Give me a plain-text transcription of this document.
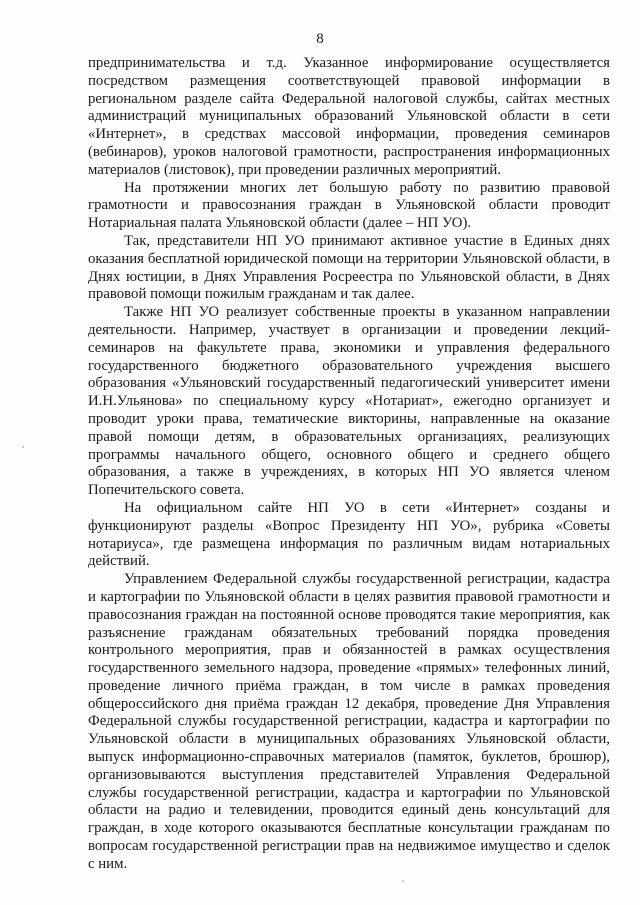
8

предпринимательства и т.д. Указанное информирование осуществляется посредством размещения соответствующей правовой информации в региональном разделе сайта Федеральной налоговой службы, сайтах местных администраций муниципальных образований Ульяновской области в сети «Интернет», в средствах массовой информации, проведения семинаров (вебинаров), уроков налоговой грамотности, распространения информационных материалов (листовок), при проведении различных мероприятий.

На протяжении многих лет большую работу по развитию правовой грамотности и правосознания граждан в Ульяновской области проводит Нотариальная палата Ульяновской области (далее – НП УО).

Так, представители НП УО принимают активное участие в Единых днях оказания бесплатной юридической помощи на территории Ульяновской области, в Днях юстиции, в Днях Управления Росреестра по Ульяновской области, в Днях правовой помощи пожилым гражданам и так далее.

Также НП УО реализует собственные проекты в указанном направлении деятельности. Например, участвует в организации и проведении лекций-семинаров на факультете права, экономики и управления федерального государственного бюджетного образовательного учреждения высшего образования «Ульяновский государственный педагогический университет имени И.Н.Ульянова» по специальному курсу «Нотариат», ежегодно организует и проводит уроки права, тематические викторины, направленные на оказание правой помощи детям, в образовательных организациях, реализующих программы начального общего, основного общего и среднего общего образования, а также в учреждениях, в которых НП УО является членом Попечительского совета.

На официальном сайте НП УО в сети «Интернет» созданы и функционируют разделы «Вопрос Президенту НП УО», рубрика «Советы нотариуса», где размещена информация по различным видам нотариальных действий.

Управлением Федеральной службы государственной регистрации, кадастра и картографии по Ульяновской области в целях развития правовой грамотности и правосознания граждан на постоянной основе проводятся такие мероприятия, как разъяснение гражданам обязательных требований порядка проведения контрольного мероприятия, прав и обязанностей в рамках осуществления государственного земельного надзора, проведение «прямых» телефонных линий, проведение личного приёма граждан, в том числе в рамках проведения общероссийского дня приёма граждан 12 декабря, проведение Дня Управления Федеральной службы государственной регистрации, кадастра и картографии по Ульяновской области в муниципальных образованиях Ульяновской области, выпуск информационно-справочных материалов (памяток, буклетов, брошюр), организовываются выступления представителей Управления Федеральной службы государственной регистрации, кадастра и картографии по Ульяновской области на радио и телевидении, проводится единый день консультаций для граждан, в ходе которого оказываются бесплатные консультации гражданам по вопросам государственной регистрации прав на недвижимое имущество и сделок с ним.
